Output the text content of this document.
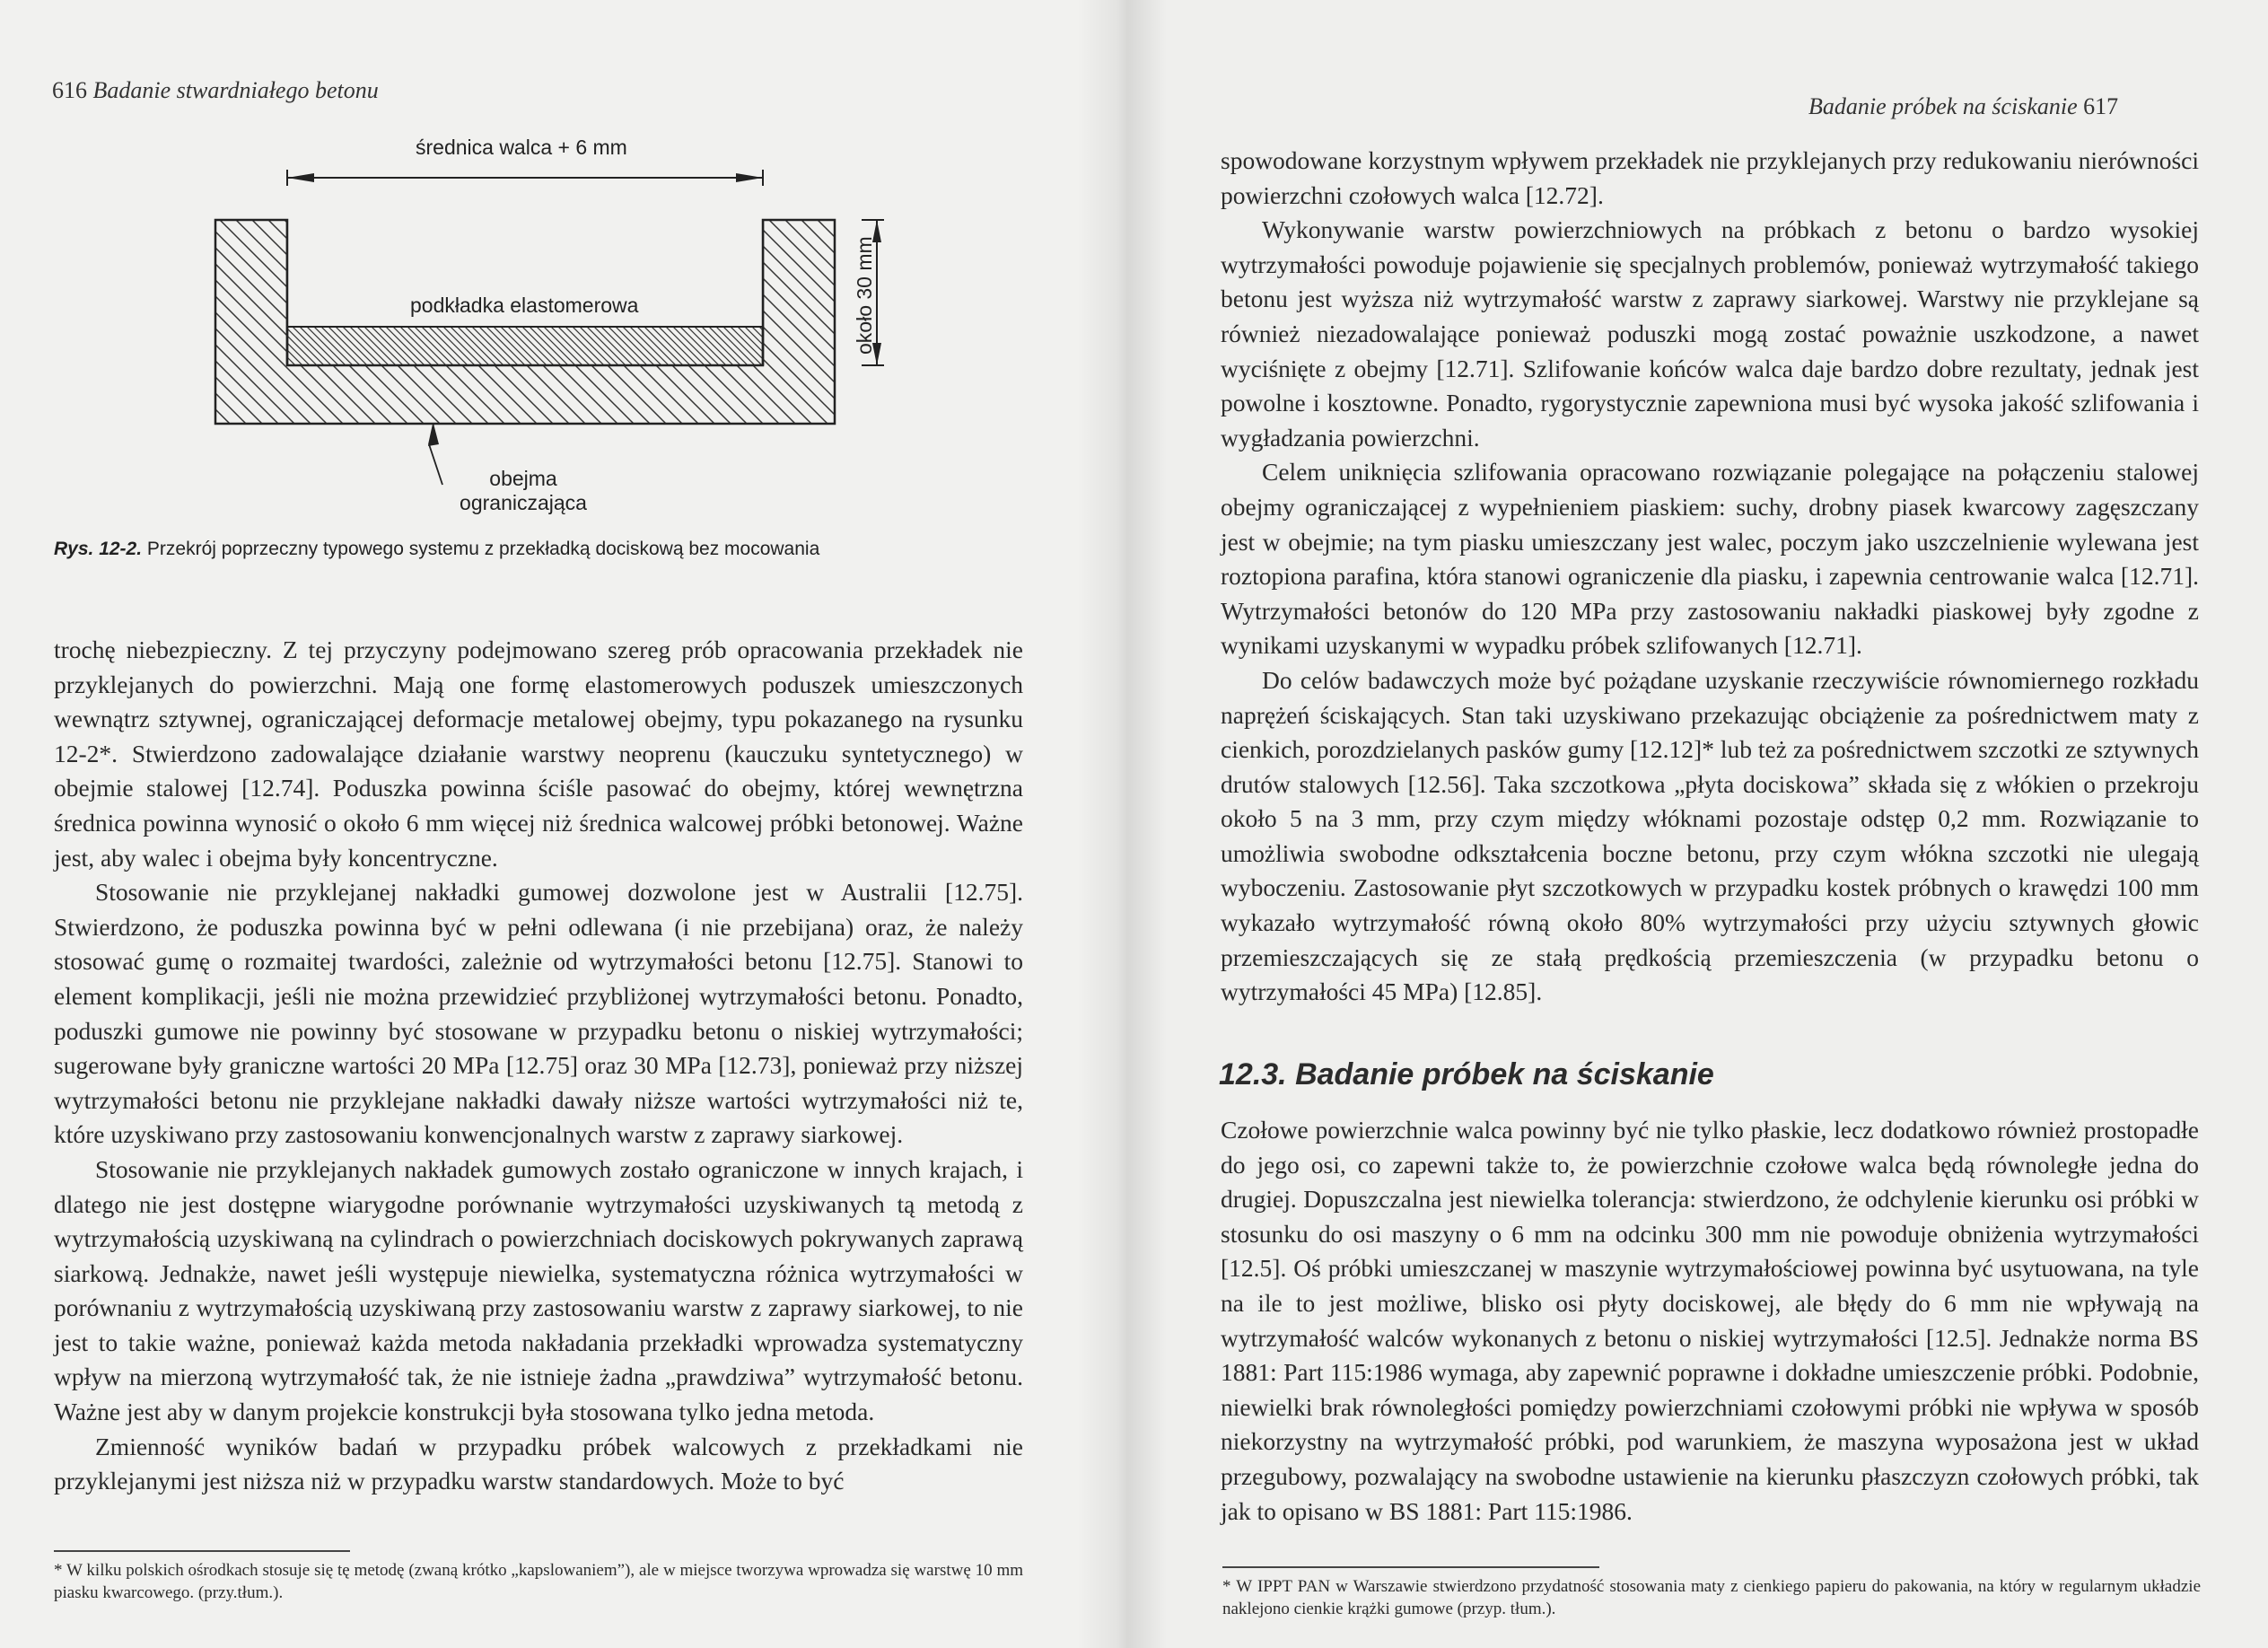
616 Badanie stwardniałego betonu
średnica walca + 6 mm
podkładka elastomerowa	około 30 mm
obejma
ograniczająca
Rys. 12-2. Przekrój poprzeczny typowego systemu z przekładką dociskową bez mocowania

trochę niebezpieczny. Z tej przyczyny podejmowano szereg prób opracowania przekładek nie przyklejanych do powierzchni. Mają one formę elastomerowych poduszek umieszczonych wewnątrz sztywnej, ograniczającej deformacje metalowej obejmy, typu pokazanego na rysunku 12-2*. Stwierdzono zadowalające działanie warstwy neoprenu (kauczuku syntetycznego) w obejmie stalowej [12.74]. Poduszka powinna ściśle pasować do obejmy, której wewnętrzna średnica powinna wynosić o około 6 mm więcej niż średnica walcowej próbki betonowej. Ważne jest, aby walec i obejma były koncentryczne.

Stosowanie nie przyklejanej nakładki gumowej dozwolone jest w Australii [12.75]. Stwierdzono, że poduszka powinna być w pełni odlewana (i nie przebijana) oraz, że należy stosować gumę o rozmaitej twardości, zależnie od wytrzymałości betonu [12.75]. Stanowi to element komplikacji, jeśli nie można przewidzieć przybliżonej wytrzymałości betonu. Ponadto, poduszki gumowe nie powinny być stosowane w przypadku betonu o niskiej wytrzymałości; sugerowane były graniczne wartości 20 MPa [12.75] oraz 30 MPa [12.73], ponieważ przy niższej wytrzymałości betonu nie przyklejane nakładki dawały niższe wartości wytrzymałości niż te, które uzyskiwano przy zastosowaniu konwencjonalnych warstw z zaprawy siarkowej.

Stosowanie nie przyklejanych nakładek gumowych zostało ograniczone w innych krajach, i dlatego nie jest dostępne wiarygodne porównanie wytrzymałości uzyskiwanych tą metodą z wytrzymałością uzyskiwaną na cylindrach o powierzchniach dociskowych pokrywanych zaprawą siarkową. Jednakże, nawet jeśli występuje niewielka, systematyczna różnica wytrzymałości w porównaniu z wytrzymałością uzyskiwaną przy zastosowaniu warstw z zaprawy siarkowej, to nie jest to takie ważne, ponieważ każda metoda nakładania przekładki wprowadza systematyczny wpływ na mierzoną wytrzymałość tak, że nie istnieje żadna „prawdziwa” wytrzymałość betonu. Ważne jest aby w danym projekcie konstrukcji była stosowana tylko jedna metoda.

Zmienność wyników badań w przypadku próbek walcowych z przekładkami nie przyklejanymi jest niższa niż w przypadku warstw standardowych. Może to być

* W kilku polskich ośrodkach stosuje się tę metodę (zwaną krótko „kapslowaniem”), ale w miejsce tworzywa wprowadza się warstwę 10 mm piasku kwarcowego. (przy.tłum.).
Badanie próbek na ściskanie 617

spowodowane korzystnym wpływem przekładek nie przyklejanych przy redukowaniu nierówności powierzchni czołowych walca [12.72].

Wykonywanie warstw powierzchniowych na próbkach z betonu o bardzo wysokiej wytrzymałości powoduje pojawienie się specjalnych problemów, ponieważ wytrzymałość takiego betonu jest wyższa niż wytrzymałość warstw z zaprawy siarkowej. Warstwy nie przyklejane są również niezadowalające ponieważ poduszki mogą zostać poważnie uszkodzone, a nawet wyciśnięte z obejmy [12.71]. Szlifowanie końców walca daje bardzo dobre rezultaty, jednak jest powolne i kosztowne. Ponadto, rygorystycznie zapewniona musi być wysoka jakość szlifowania i wygładzania powierzchni.

Celem uniknięcia szlifowania opracowano rozwiązanie polegające na połączeniu stalowej obejmy ograniczającej z wypełnieniem piaskiem: suchy, drobny piasek kwarcowy zagęszczany jest w obejmie; na tym piasku umieszczany jest walec, poczym jako uszczelnienie wylewana jest roztopiona parafina, która stanowi ograniczenie dla piasku, i zapewnia centrowanie walca [12.71]. Wytrzymałości betonów do 120 MPa przy zastosowaniu nakładki piaskowej były zgodne z wynikami uzyskanymi w wypadku próbek szlifowanych [12.71].

Do celów badawczych może być pożądane uzyskanie rzeczywiście równomiernego rozkładu naprężeń ściskających. Stan taki uzyskiwano przekazując obciążenie za pośrednictwem maty z cienkich, porozdzielanych pasków gumy [12.12]* lub też za pośrednictwem szczotki ze sztywnych drutów stalowych [12.56]. Taka szczotkowa „płyta dociskowa” składa się z włókien o przekroju około 5 na 3 mm, przy czym między włóknami pozostaje odstęp 0,2 mm. Rozwiązanie to umożliwia swobodne odkształcenia boczne betonu, przy czym włókna szczotki nie ulegają wyboczeniu. Zastosowanie płyt szczotkowych w przypadku kostek próbnych o krawędzi 100 mm wykazało wytrzymałość równą około 80% wytrzymałości przy użyciu sztywnych głowic przemieszczających się ze stałą prędkością przemieszczenia (w przypadku betonu o wytrzymałości 45 MPa) [12.85].

12.3. Badanie próbek na ściskanie

Czołowe powierzchnie walca powinny być nie tylko płaskie, lecz dodatkowo również prostopadłe do jego osi, co zapewni także to, że powierzchnie czołowe walca będą równoległe jedna do drugiej. Dopuszczalna jest niewielka tolerancja: stwierdzono, że odchylenie kierunku osi próbki w stosunku do osi maszyny o 6 mm na odcinku 300 mm nie powoduje obniżenia wytrzymałości [12.5]. Oś próbki umieszczanej w maszynie wytrzymałościowej powinna być usytuowana, na tyle na ile to jest możliwe, blisko osi płyty dociskowej, ale błędy do 6 mm nie wpływają na wytrzymałość walców wykonanych z betonu o niskiej wytrzymałości [12.5]. Jednakże norma BS 1881: Part 115:1986 wymaga, aby zapewnić poprawne i dokładne umieszczenie próbki. Podobnie, niewielki brak równoległości pomiędzy powierzchniami czołowymi próbki nie wpływa w sposób niekorzystny na wytrzymałość próbki, pod warunkiem, że maszyna wyposażona jest w układ przegubowy, pozwalający na swobodne ustawienie na kierunku płaszczyzn czołowych próbki, tak jak to opisano w BS 1881: Part 115:1986.

* W IPPT PAN w Warszawie stwierdzono przydatność stosowania maty z cienkiego papieru do pakowania, na który w regularnym układzie naklejono cienkie krążki gumowe (przyp. tłum.).
